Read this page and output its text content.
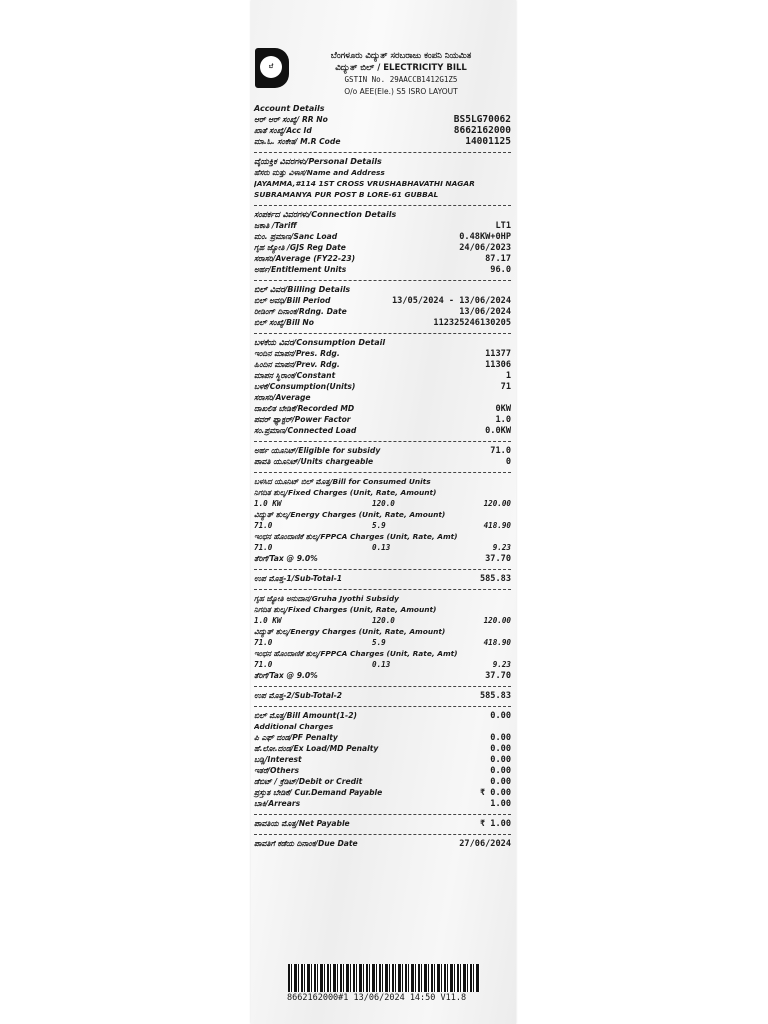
ಬೆ
ಬೆಂಗಳೂರು ವಿದ್ಯುತ್ ಸರಬರಾಜು ಕಂಪನಿ ನಿಯಮಿತ
ವಿದ್ಯುತ್ ಬಿಲ್ / ELECTRICITY BILL
GSTIN No. 29AACCB1412G1Z5
O/o AEE(Ele.) S5 ISRO LAYOUT
Account Details
ಆರ್ ಆರ್ ಸಂಖ್ಯೆ/ RR No	BS5LG70062
ಖಾತೆ ಸಂಖ್ಯೆ/Acc Id	8662162000
ಮಾ.ಓ. ಸಂಕೇತ/ M.R Code	14001125
ವೈಯಕ್ತಿಕ ವಿವರಗಳು/Personal Details
ಹೆಸರು ಮತ್ತು ವಿಳಾಸ/Name and Address
JAYAMMA,#114 1ST CROSS VRUSHABHAVATHI NAGAR
SUBRAMANYA PUR POST B LORE-61 GUBBAL
ಸಂಪರ್ಕದ ವಿವರಗಳು/Connection Details
ಜಕಾತಿ /Tariff	LT1
ಮಂ. ಪ್ರಮಾಣ/Sanc Load	0.48KW+0HP
ಗೃಹ ಜ್ಯೋತಿ /GJS Reg Date	24/06/2023
ಸರಾಸರಿ/Average (FY22-23)	87.17
ಅರ್ಹ/Entitlement Units	96.0
ಬಿಲ್ ವಿವರ/Billing Details
ಬಿಲ್ ಅವಧಿ/Bill Period	13/05/2024 - 13/06/2024
ರೀಡಿಂಗ್ ದಿನಾಂಕ/Rdng. Date	13/06/2024
ಬಿಲ್ ಸಂಖ್ಯೆ/Bill No	112325246130205
ಬಳಕೆಯ ವಿವರ/Consumption Detail
ಇಂದಿನ ಮಾಪನ/Pres. Rdg.	11377
ಹಿಂದಿನ ಮಾಪನ/Prev. Rdg.	11306
ಮಾಪನ ಸ್ಥಿರಾಂಕ/Constant	1
ಬಳಕೆ/Consumption(Units)	71
ಸರಾಸರಿ/Average
ದಾಖಲಿತ ಬೇಡಿಕೆ/Recorded MD	0KW
ಪವರ್ ಫ್ಯಾಕ್ಟರ್/Power Factor	1.0
ಸಂ.ಪ್ರಮಾಣ/Connected Load	0.0KW
ಅರ್ಹ ಯೂನಿಟ್/Eligible for subsidy	71.0
ಪಾವತಿ ಯೂನಿಟ್/Units chargeable	0
ಬಳಸಿದ ಯೂನಿಟ್ ಬಿಲ್ ಮೊತ್ತ/Bill for Consumed Units
ನಿಗದಿತ ಶುಲ್ಕ/Fixed Charges (Unit, Rate, Amount)
1.0 KW	120.0	120.00
ವಿದ್ಯುತ್ ಶುಲ್ಕ/Energy Charges (Unit, Rate, Amount)
71.0	5.9	418.90
ಇಂಧನ ಹೊಂದಾಣಿಕೆ ಶುಲ್ಕ/FPPCA Charges (Unit, Rate, Amt)
71.0	0.13	9.23
ತೆರಿಗೆ/Tax @ 9.0%	37.70
ಉಪ ಮೊತ್ತ-1/Sub-Total-1	585.83
ಗೃಹ ಜ್ಯೋತಿ ಅನುದಾನ/Gruha Jyothi Subsidy
ನಿಗದಿತ ಶುಲ್ಕ/Fixed Charges (Unit, Rate, Amount)
1.0 KW	120.0	120.00
ವಿದ್ಯುತ್ ಶುಲ್ಕ/Energy Charges (Unit, Rate, Amount)
71.0	5.9	418.90
ಇಂಧನ ಹೊಂದಾಣಿಕೆ ಶುಲ್ಕ/FPPCA Charges (Unit, Rate, Amt)
71.0	0.13	9.23
ತೆರಿಗೆ/Tax @ 9.0%	37.70
ಉಪ ಮೊತ್ತ-2/Sub-Total-2	585.83
ಬಿಲ್ ಮೊತ್ತ/Bill Amount(1-2)	0.00
Additional Charges
ಪಿ ಎಫ್ ದಂಡ/PF Penalty	0.00
ಹೆ.ಲೋ.ದಂಡ/Ex Load/MD Penalty	0.00
ಬಡ್ಡಿ/Interest	0.00
ಇತರೆ/Others	0.00
ಡೆಬಿಟ್ / ಕ್ರೆಡಿಟ್/Debit or Credit	0.00
ಪ್ರಸ್ತುತ ಬೇಡಿಕೆ/ Cur.Demand Payable	₹ 0.00
ಬಾಕಿ/Arrears	1.00
ಪಾವತಿಯ ಮೊತ್ತ/Net Payable	₹ 1.00
ಪಾವತಿಗೆ ಕಡೆಯ ದಿನಾಂಕ/Due Date	27/06/2024
8662162000#1 13/06/2024 14:50 V11.8
